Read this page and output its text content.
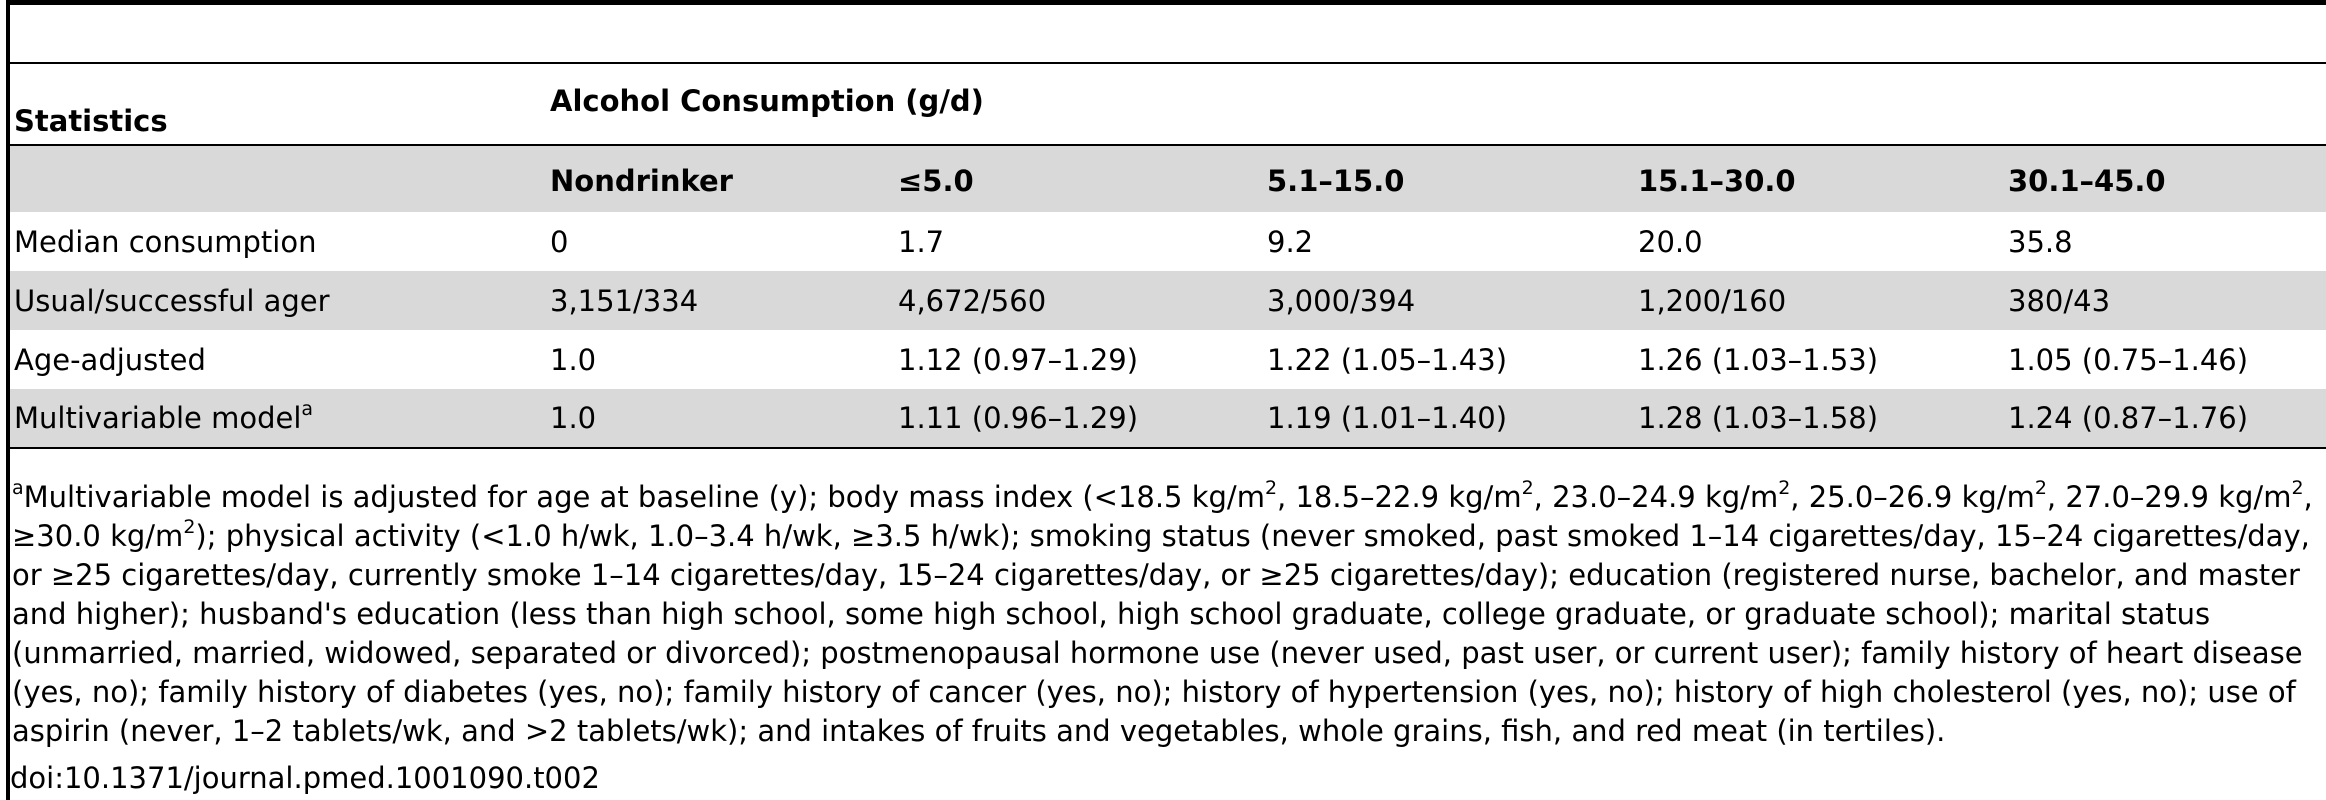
Statistics	Alcohol Consumption (g/d)				
	Nondrinker	≤5.0	5.1–15.0	15.1–30.0	30.1–45.0
Median consumption	0	1.7	9.2	20.0	35.8
Usual/successful ager	3,151/334	4,672/560	3,000/394	1,200/160	380/43
Age-adjusted	1.0	1.12 (0.97–1.29)	1.22 (1.05–1.43)	1.26 (1.03–1.53)	1.05 (0.75–1.46)
Multivariable model$^a$	1.0	1.11 (0.96–1.29)	1.19 (1.01–1.40)	1.28 (1.03–1.58)	1.24 (0.87–1.76)

$^a$Multivariable model is adjusted for age at baseline (y); body mass index (<18.5 $kg/m^2$, 18.5–22.9 $kg/m^2$, 23.0–24.9 $kg/m^2$, 25.0–26.9 $kg/m^2$, 27.0–29.9 $kg/m^2$, ≥30.0 $kg/m^2$); physical activity (<1.0 h/wk, 1.0–3.4 h/wk, ≥3.5 h/wk); smoking status (never smoked, past smoked 1–14 cigarettes/day, 15–24 cigarettes/day, or ≥25 cigarettes/day, currently smoke 1–14 cigarettes/day, 15–24 cigarettes/day, or ≥25 cigarettes/day); education (registered nurse, bachelor, and master and higher); husband's education (less than high school, some high school, high school graduate, college graduate, or graduate school); marital status (unmarried, married, widowed, separated or divorced); postmenopausal hormone use (never used, past user, or current user); family history of heart disease (yes, no); family history of diabetes (yes, no); family history of cancer (yes, no); history of hypertension (yes, no); history of high cholesterol (yes, no); use of aspirin (never, 1–2 tablets/wk, and >2 tablets/wk); and intakes of fruits and vegetables, whole grains, fish, and red meat (in tertiles).

doi:10.1371/journal.pmed.1001090.t002
